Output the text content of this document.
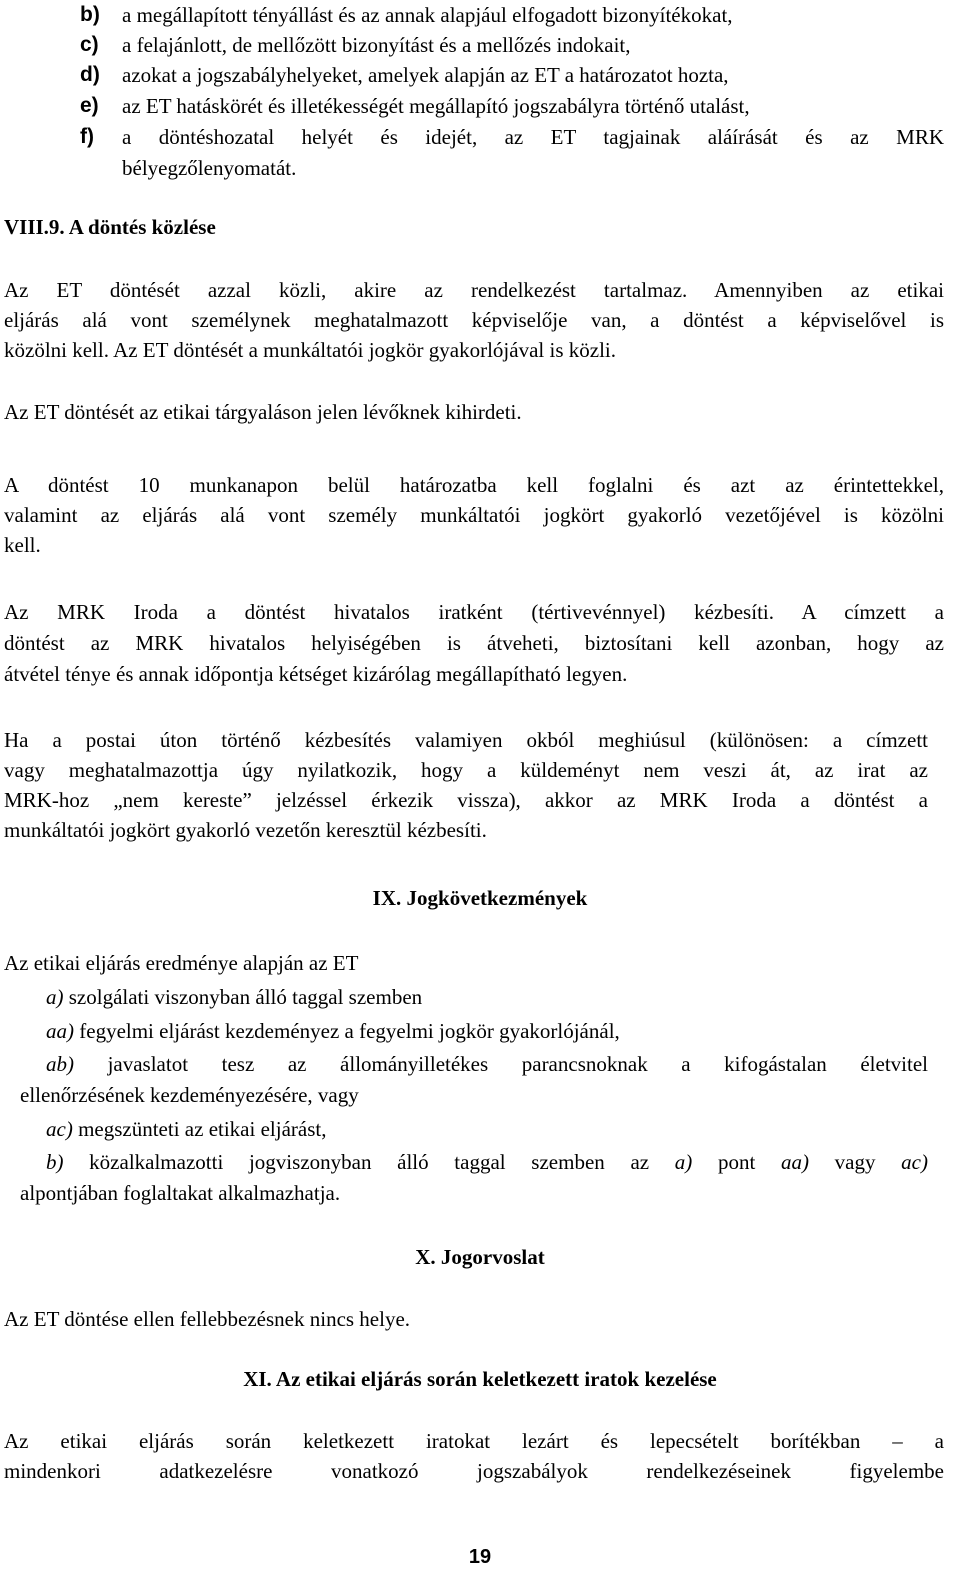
b) a megállapított tényállást és az annak alapjául elfogadott bizonyítékokat,
c) a felajánlott, de mellőzött bizonyítást és a mellőzés indokait,
d) azokat a jogszabályhelyeket, amelyek alapján az ET a határozatot hozta,
e) az ET hatáskörét és illetékességét megállapító jogszabályra történő utalást,
f) a döntéshozatal helyét és idejét, az ET tagjainak aláírását és az MRK
bélyegzőlenyomatát.
VIII.9. A döntés közlése
Az ET döntését azzal közli, akire az rendelkezést tartalmaz. Amennyiben az etikai
eljárás alá vont személynek meghatalmazott képviselője van, a döntést a képviselővel is
közölni kell. Az ET döntését a munkáltatói jogkör gyakorlójával is közli.
Az ET döntését az etikai tárgyaláson jelen lévőknek kihirdeti.
A döntést 10 munkanapon belül határozatba kell foglalni és azt az érintettekkel,
valamint az eljárás alá vont személy munkáltatói jogkört gyakorló vezetőjével is közölni
kell.
Az MRK Iroda a döntést hivatalos iratként (tértivevénnyel) kézbesíti. A címzett a
döntést az MRK hivatalos helyiségében is átveheti, biztosítani kell azonban, hogy az
átvétel ténye és annak időpontja kétséget kizárólag megállapítható legyen.
Ha a postai úton történő kézbesítés valamiyen okból meghiúsul (különösen: a címzett
vagy meghatalmazottja úgy nyilatkozik, hogy a küldeményt nem veszi át, az irat az
MRK-hoz „nem kereste” jelzéssel érkezik vissza), akkor az MRK Iroda a döntést a
munkáltatói jogkört gyakorló vezetőn keresztül kézbesíti.
IX. Jogkövetkezmények
Az etikai eljárás eredménye alapján az ET
a) szolgálati viszonyban álló taggal szemben
aa) fegyelmi eljárást kezdeményez a fegyelmi jogkör gyakorlójánál,
ab) javaslatot tesz az állományilletékes parancsnoknak a kifogástalan életvitel
ellenőrzésének kezdeményezésére, vagy
ac) megszünteti az etikai eljárást,
b) közalkalmazotti jogviszonyban álló taggal szemben az a) pont aa) vagy ac)
alpontjában foglaltakat alkalmazhatja.
X. Jogorvoslat
Az ET döntése ellen fellebbezésnek nincs helye.
XI. Az etikai eljárás során keletkezett iratok kezelése
Az etikai eljárás során keletkezett iratokat lezárt és lepecsételt borítékban – a
mindenkori adatkezelésre vonatkozó jogszabályok rendelkezéseinek figyelembe
19
